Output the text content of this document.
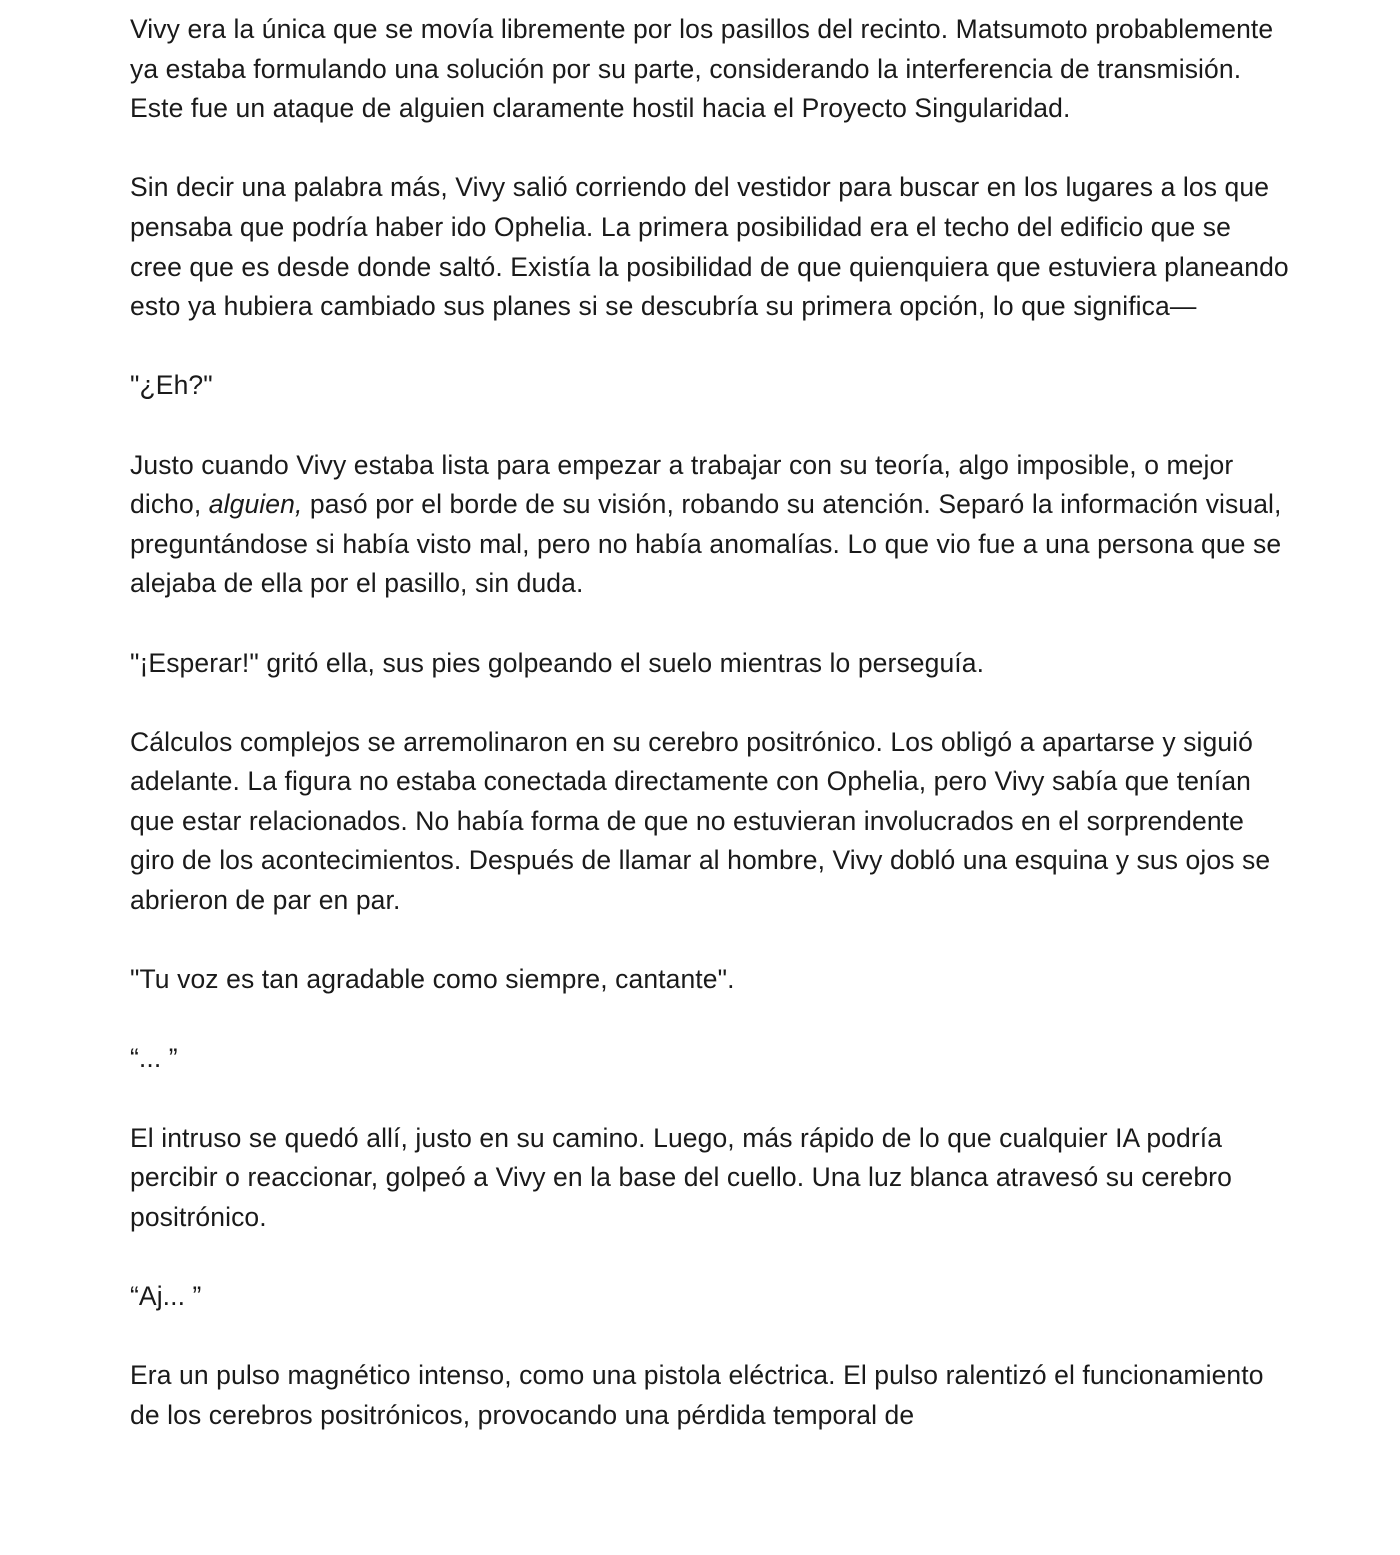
Vivy era la única que se movía libremente por los pasillos del recinto. Matsumoto probablemente ya estaba formulando una solución por su parte, considerando la interferencia de transmisión. Este fue un ataque de alguien claramente hostil hacia el Proyecto Singularidad.

Sin decir una palabra más, Vivy salió corriendo del vestidor para buscar en los lugares a los que pensaba que podría haber ido Ophelia. La primera posibilidad era el techo del edificio que se cree que es desde donde saltó. Existía la posibilidad de que quienquiera que estuviera planeando esto ya hubiera cambiado sus planes si se descubría su primera opción, lo que significa—

"¿Eh?"

Justo cuando Vivy estaba lista para empezar a trabajar con su teoría, algo imposible, o mejor dicho, alguien, pasó por el borde de su visión, robando su atención. Separó la información visual, preguntándose si había visto mal, pero no había anomalías. Lo que vio fue a una persona que se alejaba de ella por el pasillo, sin duda.

"¡Esperar!" gritó ella, sus pies golpeando el suelo mientras lo perseguía.

Cálculos complejos se arremolinaron en su cerebro positrónico. Los obligó a apartarse y siguió adelante. La figura no estaba conectada directamente con Ophelia, pero Vivy sabía que tenían que estar relacionados. No había forma de que no estuvieran involucrados en el sorprendente giro de los acontecimientos. Después de llamar al hombre, Vivy dobló una esquina y sus ojos se abrieron de par en par.

"Tu voz es tan agradable como siempre, cantante".

“... ”

El intruso se quedó allí, justo en su camino. Luego, más rápido de lo que cualquier IA podría percibir o reaccionar, golpeó a Vivy en la base del cuello. Una luz blanca atravesó su cerebro positrónico.

“Aj... ”

Era un pulso magnético intenso, como una pistola eléctrica. El pulso ralentizó el funcionamiento de los cerebros positrónicos, provocando una pérdida temporal de
